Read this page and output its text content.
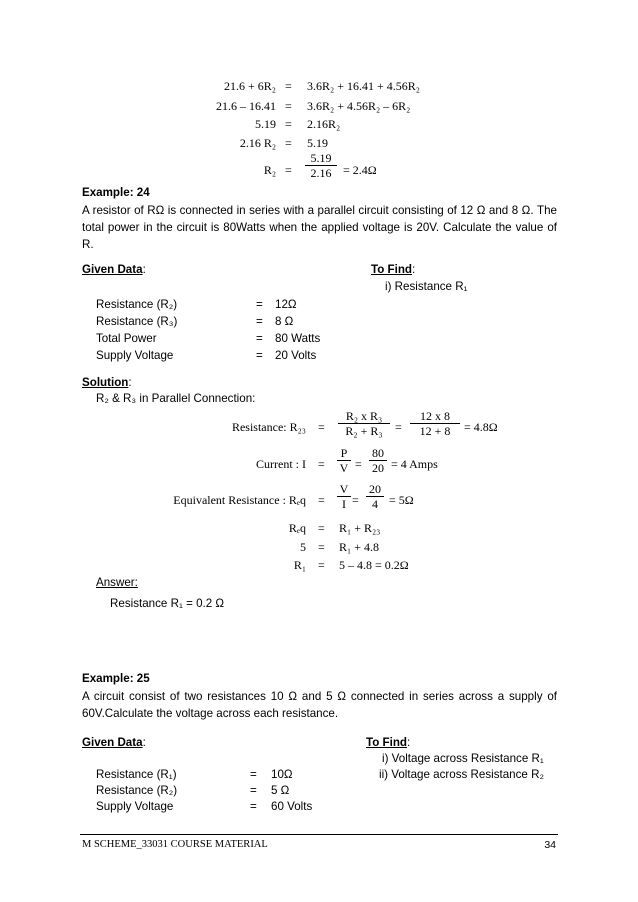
21.6 + 6R₂ = 3.6R₂ + 16.41 + 4.56R₂
21.6 – 16.41 = 3.6R₂ + 4.56R₂ – 6R₂
5.19 = 2.16R₂
2.16 R₂ = 5.19
$R_2 = \frac{5.19}{2.16} = 2.4\Omega$
Example: 24
A resistor of RΩ is connected in series with a parallel circuit consisting of 12 Ω and 8 Ω. The total power in the circuit is 80Watts when the applied voltage is 20V. Calculate the value of R.
Given Data:	To Find:
i) Resistance R₁
Resistance (R₂)	= 12Ω
Resistance (R₃)	= 8 Ω
Total Power	= 80 Watts
Supply Voltage	= 20 Volts
Solution:
R₂ & R₃ in Parallel Connection:
Resistance: $R_{23} = \frac{\text{R₂ x R₃}}{\text{R₂ + R₃}} = \frac{12 x 8}{12 + 8} = 4.8\Omega$
Current : $I = \frac{P}{V} = \frac{80}{20} = 4$ Amps
Equivalent Resistance : $R_eq = \frac{V}{I} = \frac{20}{4} = 5\Omega$
Rₑq = R₁ + R₂₃
5 = R₁ + 4.8
R₁ = 5 – 4.8 = 0.2Ω
Answer:
Resistance R₁ = 0.2 Ω
Example: 25
A circuit consist of two resistances 10 Ω and 5 Ω connected in series across a supply of 60V.Calculate the voltage across each resistance.
Given Data:	To Find:
i) Voltage across Resistance R₁
ii) Voltage across Resistance R₂
Resistance (R₁)	= 10Ω
Resistance (R₂)	= 5 Ω
Supply Voltage	= 60 Volts
M SCHEME_33031 COURSE MATERIAL	34
